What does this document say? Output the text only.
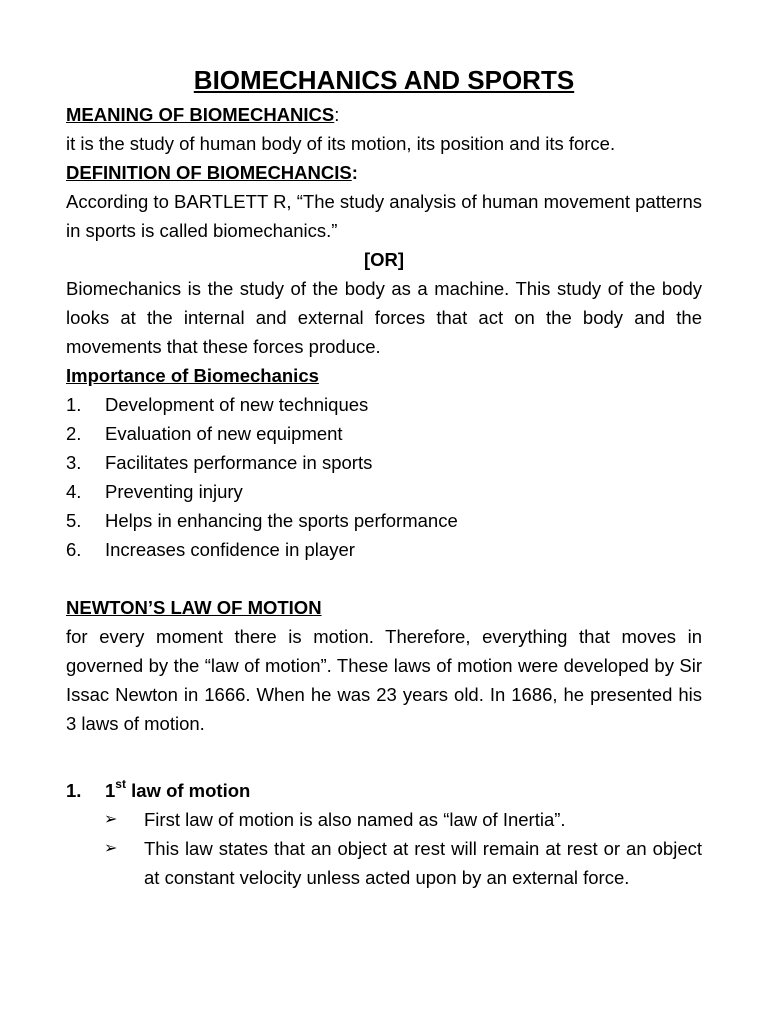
BIOMECHANICS AND SPORTS

MEANING OF BIOMECHANICS:

it is the study of human body of its motion, its position and its force.

DEFINITION OF BIOMECHANCIS:

According to BARTLETT R, “The study analysis of human movement patterns in sports is called biomechanics.”

[OR]

Biomechanics is the study of the body as a machine. This study of the body looks at the internal and external forces that act on the body and the movements that these forces produce.

Importance of Biomechanics

1.	Development of new techniques
2.	Evaluation of new equipment
3.	Facilitates performance in sports
4.	Preventing injury
5.	Helps in enhancing the sports performance
6.	Increases confidence in player

NEWTON’S LAW OF MOTION

for every moment there is motion. Therefore, everything that moves in governed by the “law of motion”. These laws of motion were developed by Sir Issac Newton in 1666. When he was 23 years old. In 1686, he presented his 3 laws of motion.

1.	1st law of motion
➢	First law of motion is also named as “law of Inertia”.
➢	This law states that an object at rest will remain at rest or an object at constant velocity unless acted upon by an external force.
